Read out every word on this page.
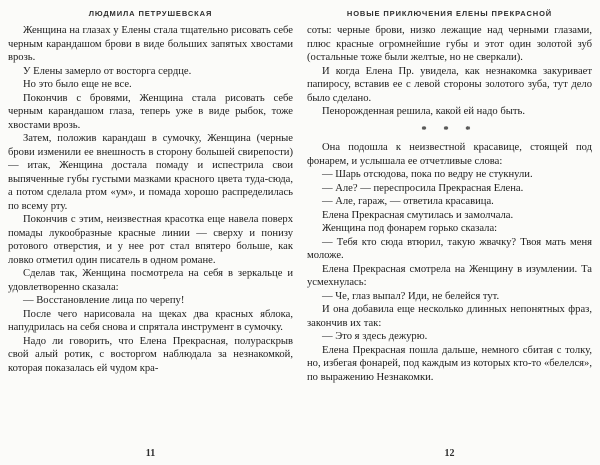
ЛЮДМИЛА ПЕТРУШЕВСКАЯ

Женщина на глазах у Елены стала тщательно рисовать себе черным карандашом брови в виде больших запятых хвостами врозь.

У Елены замерло от восторга сердце.

Но это было еще не все.

Покончив с бровями, Женщина стала рисовать себе черным карандашом глаза, теперь уже в виде рыбок, тоже хвостами врозь.

Затем, положив карандаш в сумочку, Женщина (черные брови изменили ее внешность в сторону большей свирепости) — итак, Женщина достала помаду и испестрила свои выпяченные губы густыми мазками красного цвета туда-сюда, а потом сделала ртом «ум», и помада хорошо распределилась по всему рту.

Покончив с этим, неизвестная красотка еще навела поверх помады лукообразные красные линии — сверху и понизу ротового отверстия, и у нее рот стал впятеро больше, как ловко отметил один писатель в одном романе.

Сделав так, Женщина посмотрела на себя в зеркальце и удовлетворенно сказала:

— Восстановление лица по черепу!

После чего нарисовала на щеках два красных яблока, напудрилась на себя снова и спрятала инструмент в сумочку.

Надо ли говорить, что Елена Прекрасная, полураскрыв свой алый ротик, с восторгом наблюдала за незнакомкой, которая показалась ей чудом кра-

11
НОВЫЕ ПРИКЛЮЧЕНИЯ ЕЛЕНЫ ПРЕКРАСНОЙ

соты: черные брови, низко лежащие над черными глазами, плюс красные огромнейшие губы и этот один золотой зуб (остальные тоже были желтые, но не сверкали).

И когда Елена Пр. увидела, как незнакомка закуривает папиросу, вставив ее с левой стороны золотого зуба, тут дело было сделано.

Пенорожденная решила, какой ей надо быть.

* * *

Она подошла к неизвестной красавице, стоящей под фонарем, и услышала ее отчетливые слова:

— Шарь отсюдова, пока по ведру не стукнули.

— Але? — переспросила Прекрасная Елена.

— Але, гараж, — ответила красавица.

Елена Прекрасная смутилась и замолчала.

Женщина под фонарем горько сказала:

— Тебя кто сюда втюрил, такую жвачку? Твоя мать меня моложе.

Елена Прекрасная смотрела на Женщину в изумлении. Та усмехнулась:

— Че, глаз выпал? Иди, не белейся тут.

И она добавила еще несколько длинных непонятных фраз, закончив их так:

— Это я здесь дежурю.

Елена Прекрасная пошла дальше, немного сбитая с толку, но, избегая фонарей, под каждым из которых кто-то «белелся», по выражению Незнакомки.

12
